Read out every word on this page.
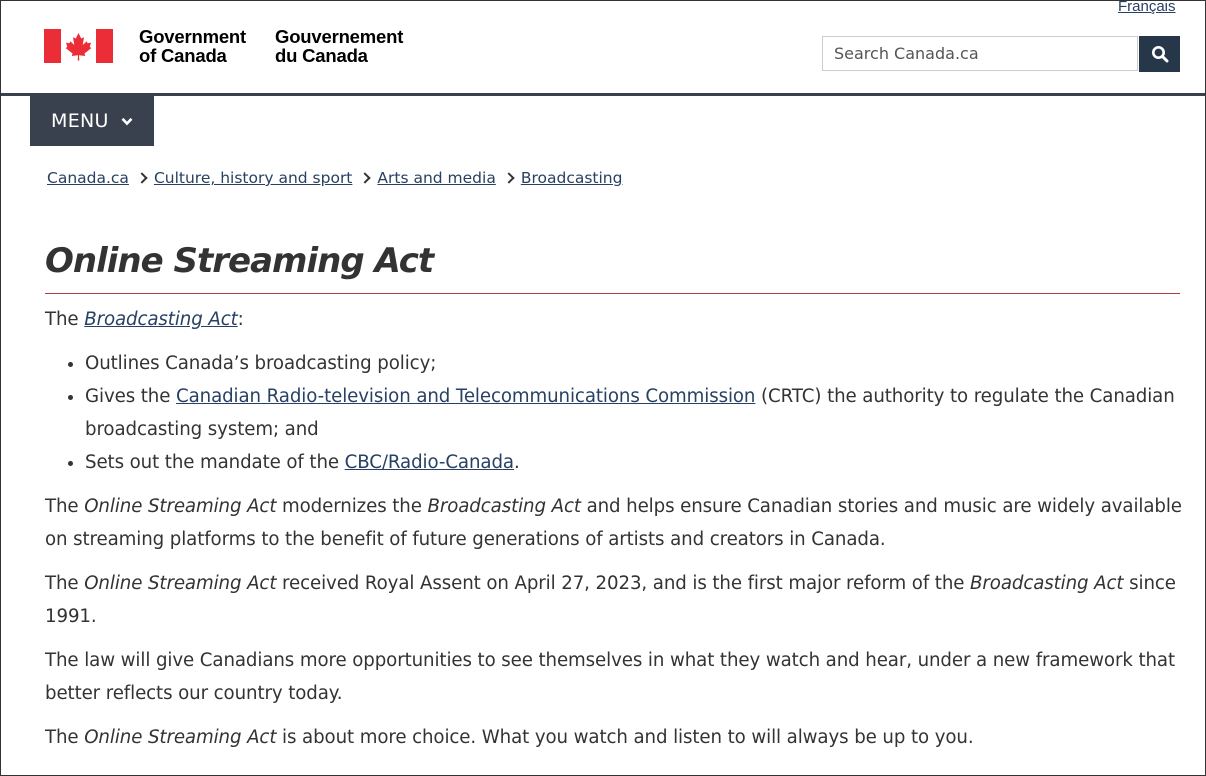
Français
Government
of Canada
Gouvernement
du Canada
Search Canada.ca
MENU
Canada.ca Culture, history and sport Arts and media Broadcasting
Online Streaming Act

The Broadcasting Act:

• Outlines Canada’s broadcasting policy;
• Gives the Canadian Radio-television and Telecommunications Commission (CRTC) the authority to regulate the Canadian broadcasting system; and
• Sets out the mandate of the CBC/Radio-Canada.

The Online Streaming Act modernizes the Broadcasting Act and helps ensure Canadian stories and music are widely available on streaming platforms to the benefit of future generations of artists and creators in Canada.

The Online Streaming Act received Royal Assent on April 27, 2023, and is the first major reform of the Broadcasting Act since 1991.

The law will give Canadians more opportunities to see themselves in what they watch and hear, under a new framework that better reflects our country today.

The Online Streaming Act is about more choice. What you watch and listen to will always be up to you.
